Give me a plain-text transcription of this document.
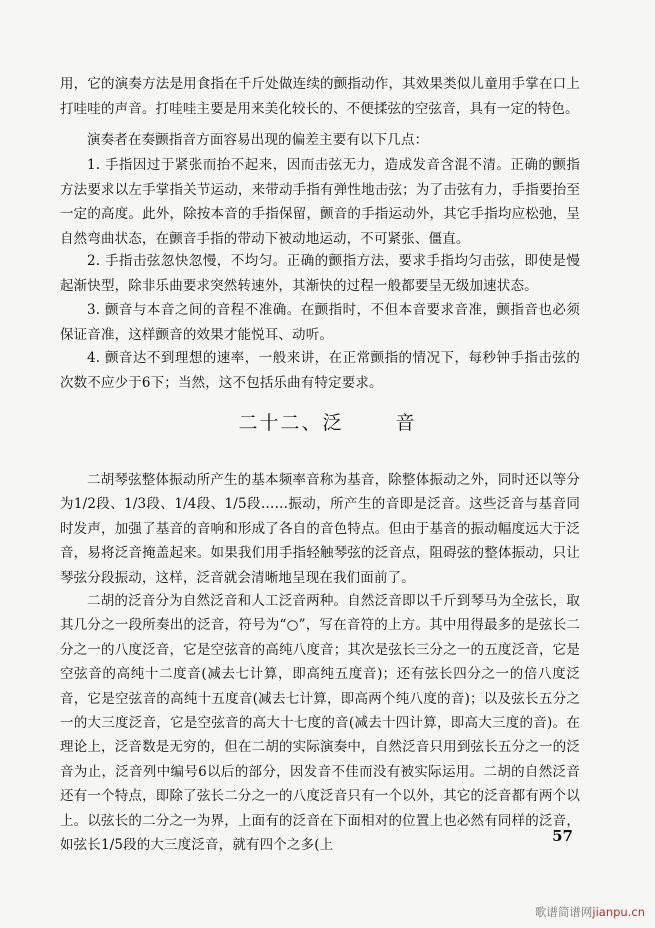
用，它的演奏方法是用食指在千斤处做连续的颤指动作，其效果类似儿童用手掌在口上打哇哇的声音。打哇哇主要是用来美化较长的、不便揉弦的空弦音，具有一定的特色。
演奏者在奏颤指音方面容易出现的偏差主要有以下几点：
1. 手指因过于紧张而抬不起来，因而击弦无力，造成发音含混不清。正确的颤指方法要求以左手掌指关节运动，来带动手指有弹性地击弦；为了击弦有力，手指要抬至一定的高度。此外，除按本音的手指保留，颤音的手指运动外，其它手指均应松弛，呈自然弯曲状态，在颤音手指的带动下被动地运动，不可紧张、僵直。
2. 手指击弦忽快忽慢，不均匀。正确的颤指方法，要求手指均匀击弦，即使是慢起渐快型，除非乐曲要求突然转速外，其渐快的过程一般都要呈无级加速状态。
3. 颤音与本音之间的音程不准确。在颤指时，不但本音要求音准，颤指音也必须保证音准，这样颤音的效果才能悦耳、动听。
4. 颤音达不到理想的速率，一般来讲，在正常颤指的情况下，每秒钟手指击弦的次数不应少于6下；当然，这不包括乐曲有特定要求。
二十二、泛	音
二胡琴弦整体振动所产生的基本频率音称为基音，除整体振动之外，同时还以等分为1/2段、1/3段、1/4段、1/5段……振动，所产生的音即是泛音。这些泛音与基音同时发声，加强了基音的音响和形成了各自的音色特点。但由于基音的振动幅度远大于泛音，易将泛音掩盖起来。如果我们用手指轻触琴弦的泛音点，阻碍弦的整体振动，只让琴弦分段振动，这样，泛音就会清晰地呈现在我们面前了。
二胡的泛音分为自然泛音和人工泛音两种。自然泛音即以千斤到琴马为全弦长，取其几分之一段所奏出的泛音，符号为“○”，写在音符的上方。其中用得最多的是弦长二分之一的八度泛音，它是空弦音的高纯八度音；其次是弦长三分之一的五度泛音，它是空弦音的高纯十二度音(减去七计算，即高纯五度音)；还有弦长四分之一的倍八度泛音，它是空弦音的高纯十五度音(减去七计算，即高两个纯八度的音)；以及弦长五分之一的大三度泛音，它是空弦音的高大十七度的音(减去十四计算，即高大三度的音)。在理论上，泛音数是无穷的，但在二胡的实际演奏中，自然泛音只用到弦长五分之一的泛音为止，泛音列中编号6以后的部分，因发音不佳而没有被实际运用。二胡的自然泛音还有一个特点，即除了弦长二分之一的八度泛音只有一个以外，其它的泛音都有两个以上。以弦长的二分之一为界，上面有的泛音在下面相对的位置上也必然有同样的泛音，如弦长1/5段的大三度泛音，就有四个之多(上
57
歌谱简谱网jianpu.cn
